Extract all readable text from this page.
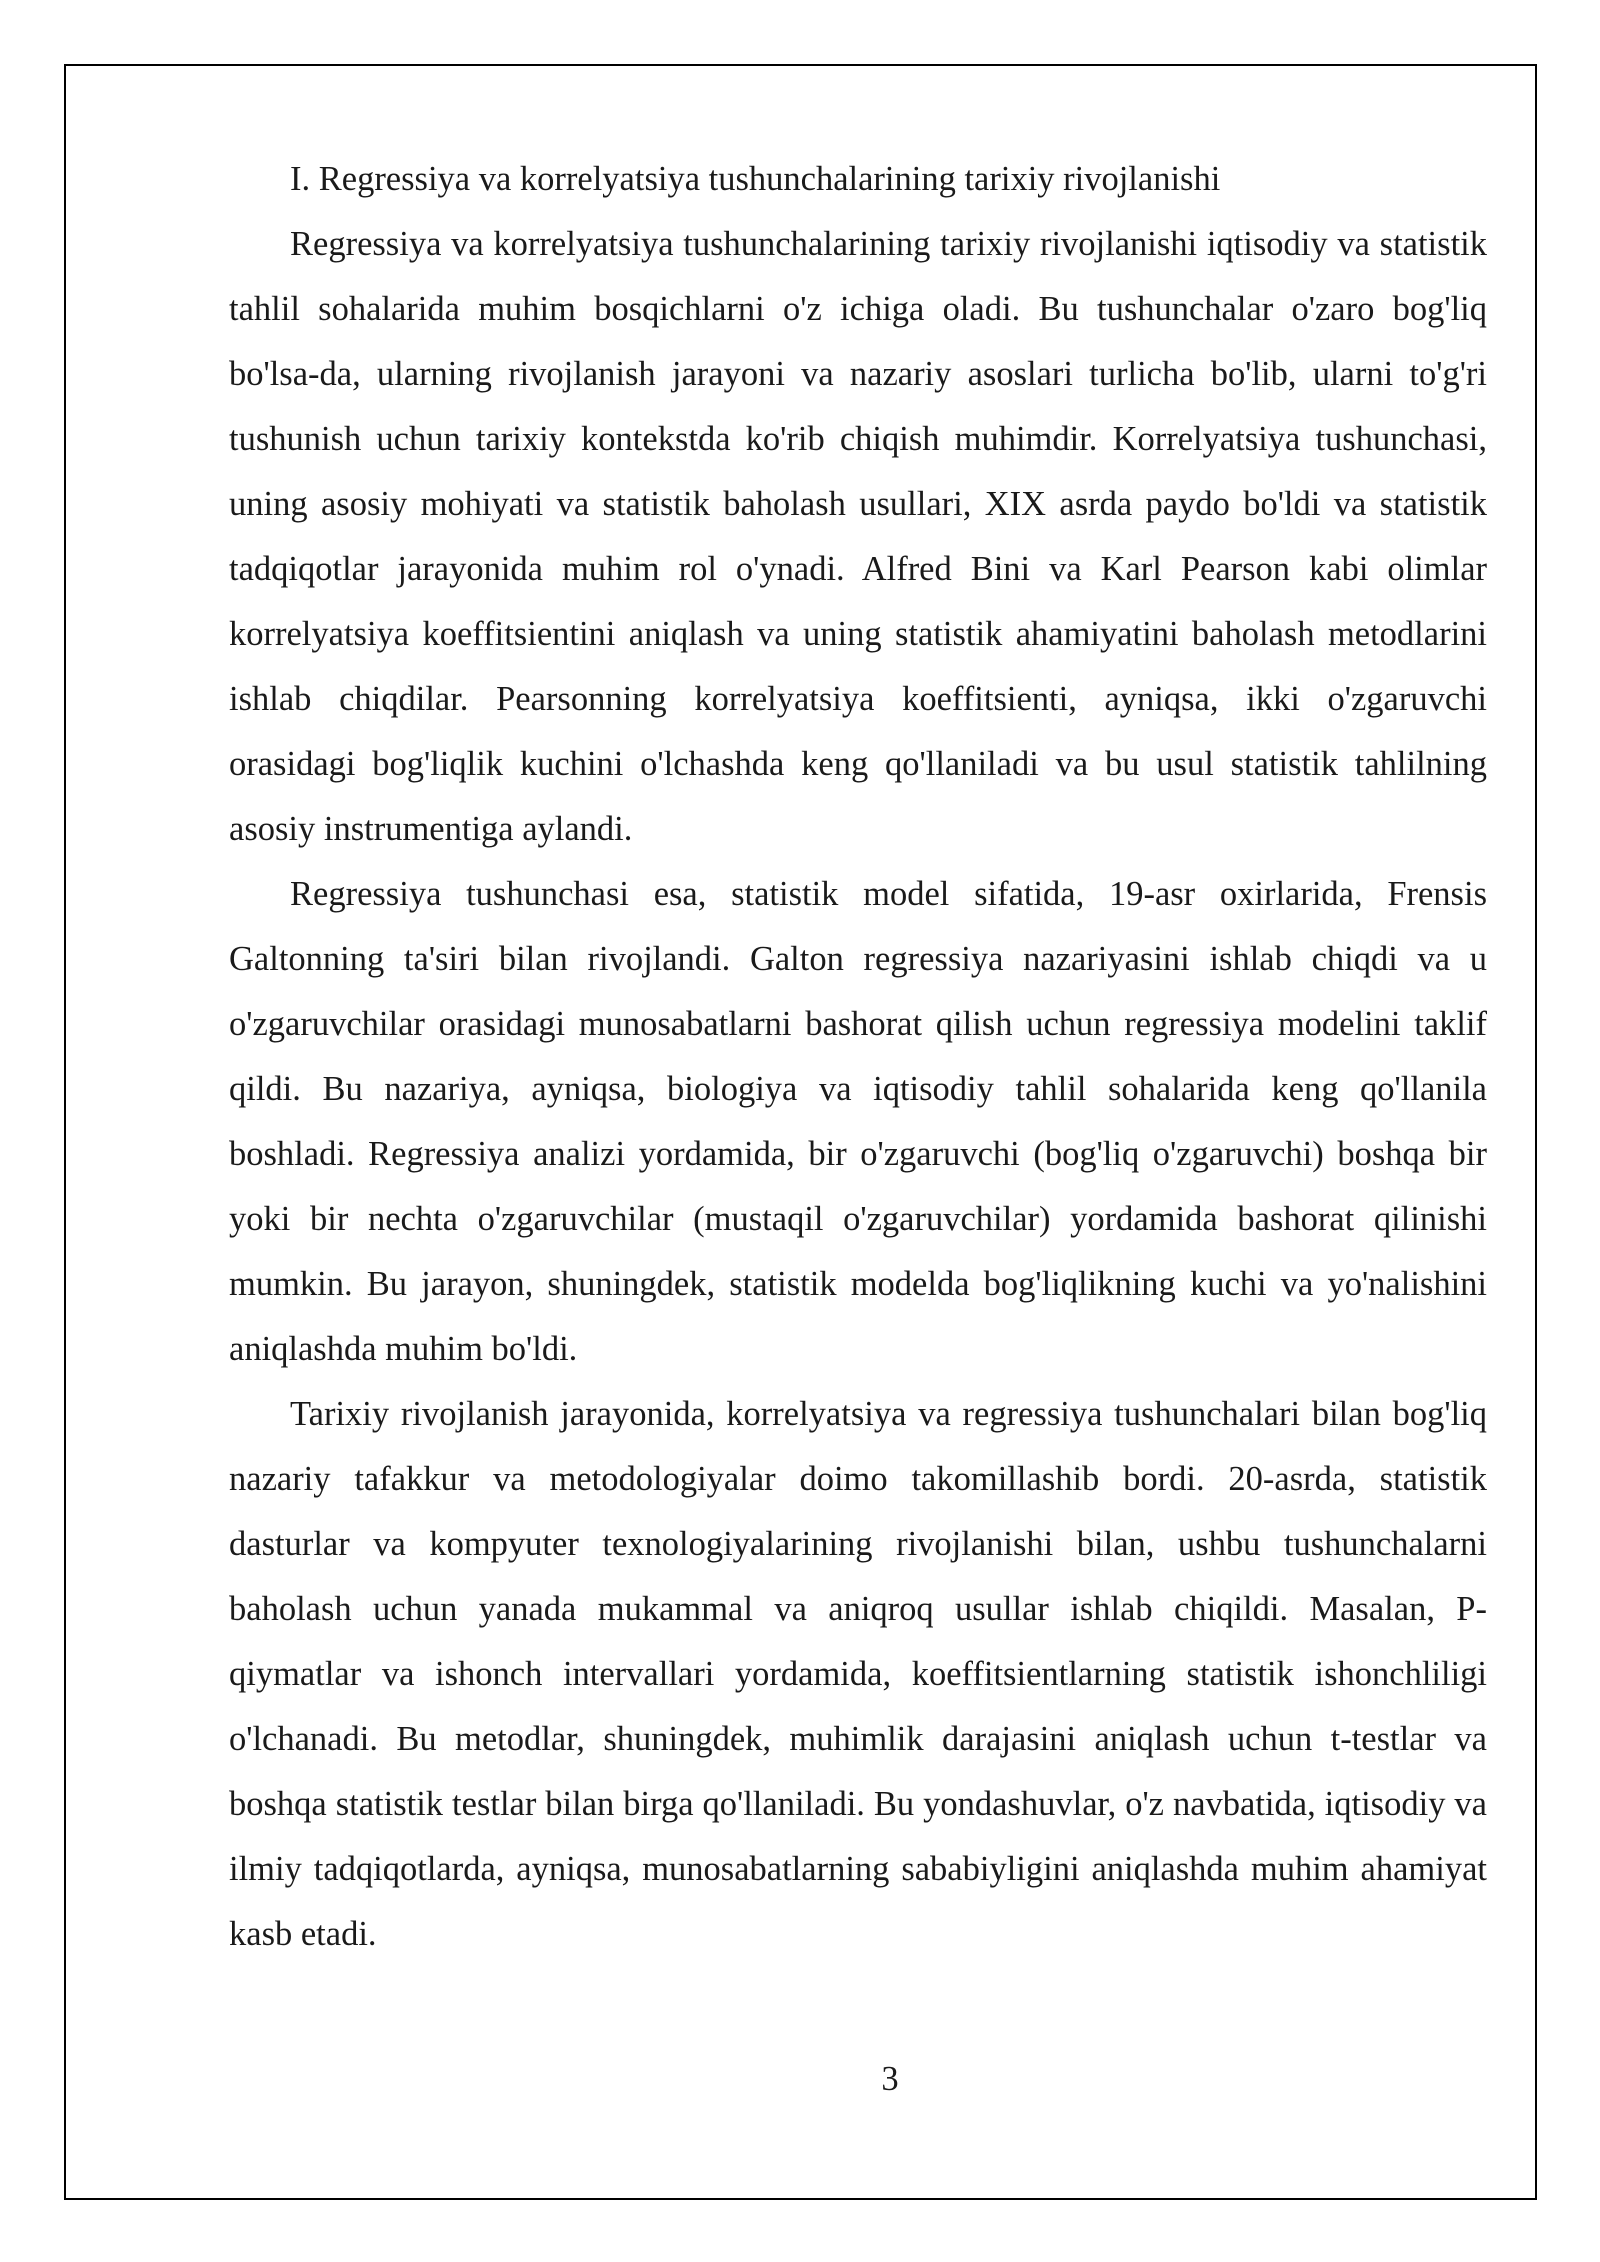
I. Regressiya va korrelyatsiya tushunchalarining tarixiy rivojlanishi

Regressiya va korrelyatsiya tushunchalarining tarixiy rivojlanishi iqtisodiy va statistik tahlil sohalarida muhim bosqichlarni o'z ichiga oladi. Bu tushunchalar o'zaro bog'liq bo'lsa-da, ularning rivojlanish jarayoni va nazariy asoslari turlicha bo'lib, ularni to'g'ri tushunish uchun tarixiy kontekstda ko'rib chiqish muhimdir. Korrelyatsiya tushunchasi, uning asosiy mohiyati va statistik baholash usullari, XIX asrda paydo bo'ldi va statistik tadqiqotlar jarayonida muhim rol o'ynadi. Alfred Bini va Karl Pearson kabi olimlar korrelyatsiya koeffitsientini aniqlash va uning statistik ahamiyatini baholash metodlarini ishlab chiqdilar. Pearsonning korrelyatsiya koeffitsienti, ayniqsa, ikki o'zgaruvchi orasidagi bog'liqlik kuchini o'lchashda keng qo'llaniladi va bu usul statistik tahlilning asosiy instrumentiga aylandi.

Regressiya tushunchasi esa, statistik model sifatida, 19-asr oxirlarida, Frensis Galtonning ta'siri bilan rivojlandi. Galton regressiya nazariyasini ishlab chiqdi va u o'zgaruvchilar orasidagi munosabatlarni bashorat qilish uchun regressiya modelini taklif qildi. Bu nazariya, ayniqsa, biologiya va iqtisodiy tahlil sohalarida keng qo'llanila boshladi. Regressiya analizi yordamida, bir o'zgaruvchi (bog'liq o'zgaruvchi) boshqa bir yoki bir nechta o'zgaruvchilar (mustaqil o'zgaruvchilar) yordamida bashorat qilinishi mumkin. Bu jarayon, shuningdek, statistik modelda bog'liqlikning kuchi va yo'nalishini aniqlashda muhim bo'ldi.

Tarixiy rivojlanish jarayonida, korrelyatsiya va regressiya tushunchalari bilan bog'liq nazariy tafakkur va metodologiyalar doimo takomillashib bordi. 20-asrda, statistik dasturlar va kompyuter texnologiyalarining rivojlanishi bilan, ushbu tushunchalarni baholash uchun yanada mukammal va aniqroq usullar ishlab chiqildi. Masalan, P-qiymatlar va ishonch intervallari yordamida, koeffitsientlarning statistik ishonchliligi o'lchanadi. Bu metodlar, shuningdek, muhimlik darajasini aniqlash uchun t-testlar va boshqa statistik testlar bilan birga qo'llaniladi. Bu yondashuvlar, o'z navbatida, iqtisodiy va ilmiy tadqiqotlarda, ayniqsa, munosabatlarning sababiyligini aniqlashda muhim ahamiyat kasb etadi.

3
